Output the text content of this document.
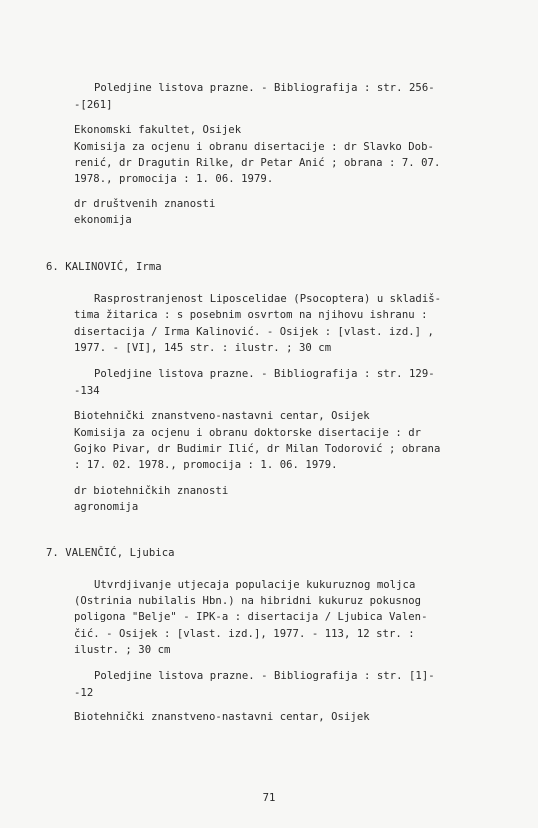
Poledjine listova prazne. - Bibliografija : str. 256-
-[261]
Ekonomski fakultet, Osijek
Komisija za ocjenu i obranu disertacije : dr Slavko Dob-
renić, dr Dragutin Rilke, dr Petar Anić ; obrana : 7. 07.
1978., promocija : 1. 06. 1979.
dr društvenih znanosti
ekonomija
6. KALINOVIĆ, Irma
Rasprostranjenost Liposcelidae (Psocoptera) u skladiš-
tima žitarica : s posebnim osvrtom na njihovu ishranu :
disertacija / Irma Kalinović. - Osijek : [vlast. izd.] ,
1977. - [VI], 145 str. : ilustr. ; 30 cm
Poledjine listova prazne. - Bibliografija : str. 129-
-134
Biotehnički znanstveno-nastavni centar, Osijek
Komisija za ocjenu i obranu doktorske disertacije : dr
Gojko Pivar, dr Budimir Ilić, dr Milan Todorović ; obrana
: 17. 02. 1978., promocija : 1. 06. 1979.
dr biotehničkih znanosti
agronomija
7. VALENČIĆ, Ljubica
Utvrdjivanje utjecaja populacije kukuruznog moljca
(Ostrinia nubilalis Hbn.) na hibridni kukuruz pokusnog
poligona "Belje" - IPK-a : disertacija / Ljubica Valen-
čić. - Osijek : [vlast. izd.], 1977. - 113, 12 str. :
ilustr. ; 30 cm
Poledjine listova prazne. - Bibliografija : str. [1]-
-12
Biotehnički znanstveno-nastavni centar, Osijek
71
